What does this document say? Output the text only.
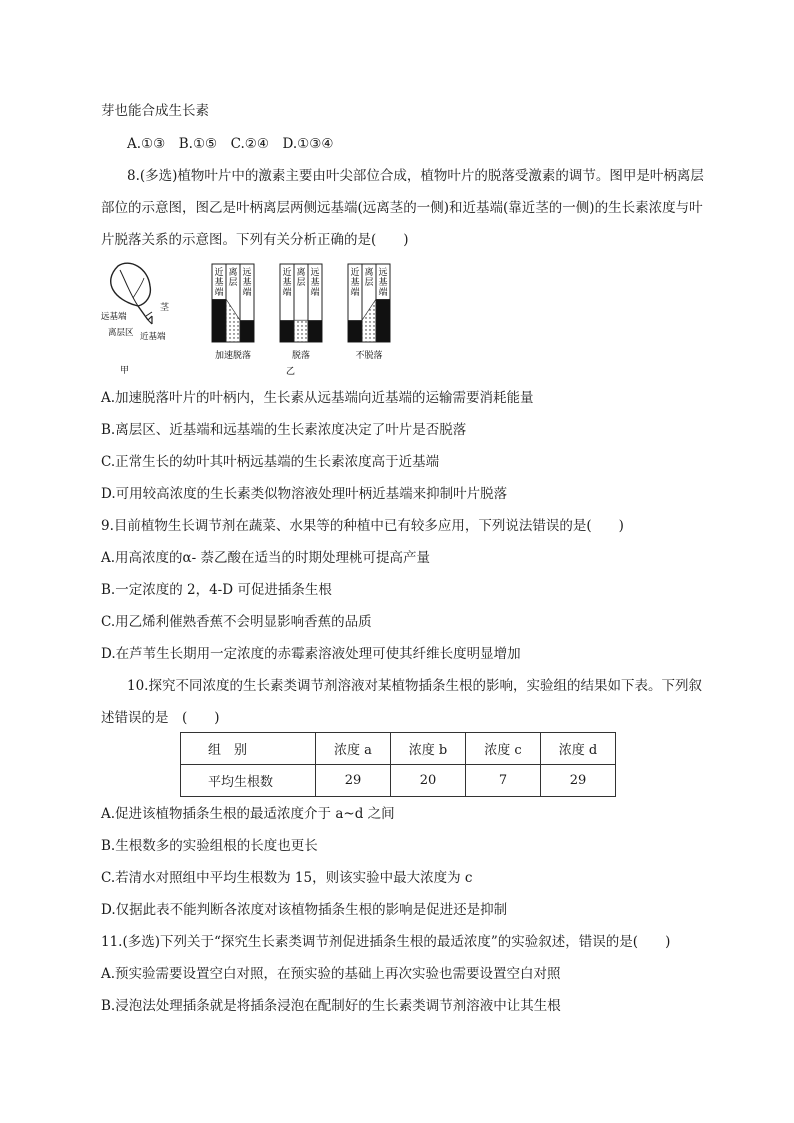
芽也能合成生长素
A.①③　B.①⑤　C.②④　D.①③④
8.(多选)植物叶片中的激素主要由叶尖部位合成，植物叶片的脱落受激素的调节。图甲是叶柄离层部位的示意图，图乙是叶柄离层两侧远基端(远离茎的一侧)和近基端(靠近茎的一侧)的生长素浓度与叶片脱落关系的示意图。下列有关分析正确的是(　　)
茎
远基端
离层区 近基端
甲
近
基
端
离
层
远
基
端
加速脱落
近
基
端
离
层
远
基
端
脱落
近
基
端
离
层
远
基
端
不脱落
乙
A.加速脱落叶片的叶柄内，生长素从远基端向近基端的运输需要消耗能量
B.离层区、近基端和远基端的生长素浓度决定了叶片是否脱落
C.正常生长的幼叶其叶柄远基端的生长素浓度高于近基端
D.可用较高浓度的生长素类似物溶液处理叶柄近基端来抑制叶片脱落
9.目前植物生长调节剂在蔬菜、水果等的种植中已有较多应用，下列说法错误的是(　　)
A.用高浓度的α- 萘乙酸在适当的时期处理桃可提高产量
B.一定浓度的 2，4-D 可促进插条生根
C.用乙烯利催熟香蕉不会明显影响香蕉的品质
D.在芦苇生长期用一定浓度的赤霉素溶液处理可使其纤维长度明显增加
10.探究不同浓度的生长素类调节剂溶液对某植物插条生根的影响，实验组的结果如下表。下列叙述错误的是　(　　)
组　别	浓度 a	浓度 b	浓度 c	浓度 d
平均生根数	29	20	7	29
A.促进该植物插条生根的最适浓度介于 a~d 之间
B.生根数多的实验组根的长度也更长
C.若清水对照组中平均生根数为 15，则该实验中最大浓度为 c
D.仅据此表不能判断各浓度对该植物插条生根的影响是促进还是抑制
11.(多选)下列关于“探究生长素类调节剂促进插条生根的最适浓度”的实验叙述，错误的是(　　)
A.预实验需要设置空白对照，在预实验的基础上再次实验也需要设置空白对照
B.浸泡法处理插条就是将插条浸泡在配制好的生长素类调节剂溶液中让其生根
